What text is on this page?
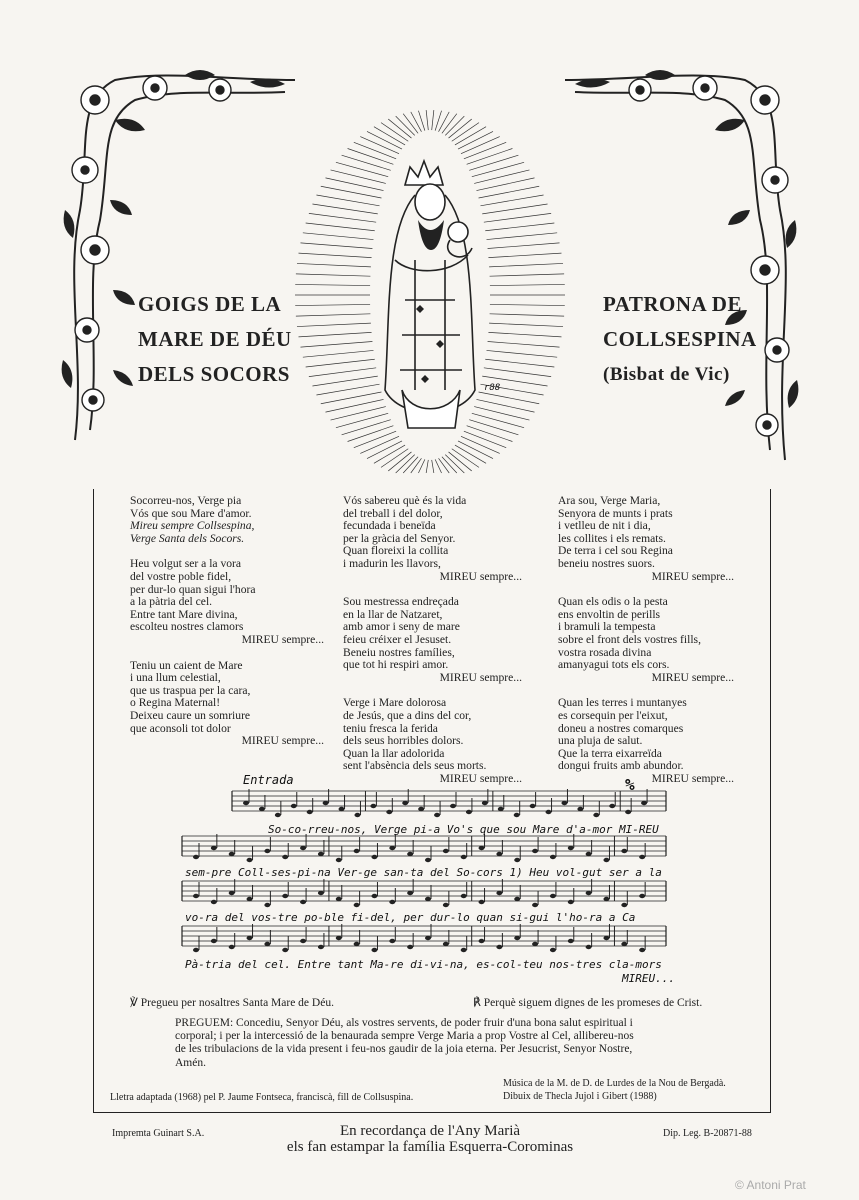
r88
GOIGS DE LA
MARE DE DÉU
DELS SOCORS
PATRONA DE
COLLSESPINA
(Bisbat de Vic)
Socorreu-nos, Verge pia
Vós que sou Mare d'amor.
Mireu sempre Collsespina,
Verge Santa dels Socors.
Heu volgut ser a la vora
del vostre poble fidel,
per dur-lo quan sigui l'hora
a la pàtria del cel.
Entre tant Mare divina,
escolteu nostres clamors
MIREU sempre...
Teniu un caient de Mare
i una llum celestial,
que us traspua per la cara,
o Regina Maternal!
Deixeu caure un somriure
que aconsoli tot dolor
MIREU sempre...
Vós sabereu què és la vida
del treball i del dolor,
fecundada i beneïda
per la gràcia del Senyor.
Quan floreixi la collita
i madurin les llavors,
MIREU sempre...
Sou mestressa endreçada
en la llar de Natzaret,
amb amor i seny de mare
feieu créixer el Jesuset.
Beneiu nostres famílies,
que tot hi respiri amor.
MIREU sempre...
Verge i Mare dolorosa
de Jesús, que a dins del cor,
teniu fresca la ferida
dels seus horribles dolors.
Quan la llar adolorida
sent l'absència dels seus morts.
MIREU sempre...
Ara sou, Verge Maria,
Senyora de munts i prats
i vetlleu de nit i dia,
les collites i els remats.
De terra i cel sou Regina
beneiu nostres suors.
MIREU sempre...
Quan els odis o la pesta
ens envoltin de perills
i bramuli la tempesta
sobre el front dels vostres fills,
vostra rosada divina
amanyagui tots els cors.
MIREU sempre...
Quan les terres i muntanyes
es corsequin per l'eixut,
doneu a nostres comarques
una pluja de salut.
Que la terra eixarreïda
dongui fruits amb abundor.
MIREU sempre...
Entrada	%
So-co-rreu-nos, Verge pi-a Vo's que sou Mare d'a-mor MI-REU
sem-pre Coll-ses-pi-na Ver-ge san-ta del So-cors 1) Heu vol-gut ser a la
vo-ra del vos-tre po-ble fi-del, per dur-lo quan si-gui l'ho-ra a Ca
Pà-tria del cel. Entre tant Ma-re di-vi-na, es-col-teu nos-tres cla-mors
MIREU...
℣ Pregueu per nosaltres Santa Mare de Déu.	℟ Perquè siguem dignes de les promeses de Crist.
PREGUEM: Concediu, Senyor Déu, als vostres servents, de poder fruir d'una bona salut espiritual i
corporal; i per la intercessió de la benaurada sempre Verge Maria a prop Vostre al Cel, allibereu-nos
de les tribulacions de la vida present i feu-nos gaudir de la joia eterna. Per Jesucrist, Senyor Nostre,
Amén.
Lletra adaptada (1968) pel P. Jaume Fontseca, franciscà, fill de Collsuspina.
Música de la M. de D. de Lurdes de la Nou de Bergadà.
Dibuix de Thecla Jujol i Gibert (1988)
Impremta Guinart S.A.	En recordança de l'Any Marià
els fan estampar la família Esquerra-Corominas
Dip. Leg. B-20871-88
© Antoni Prat
